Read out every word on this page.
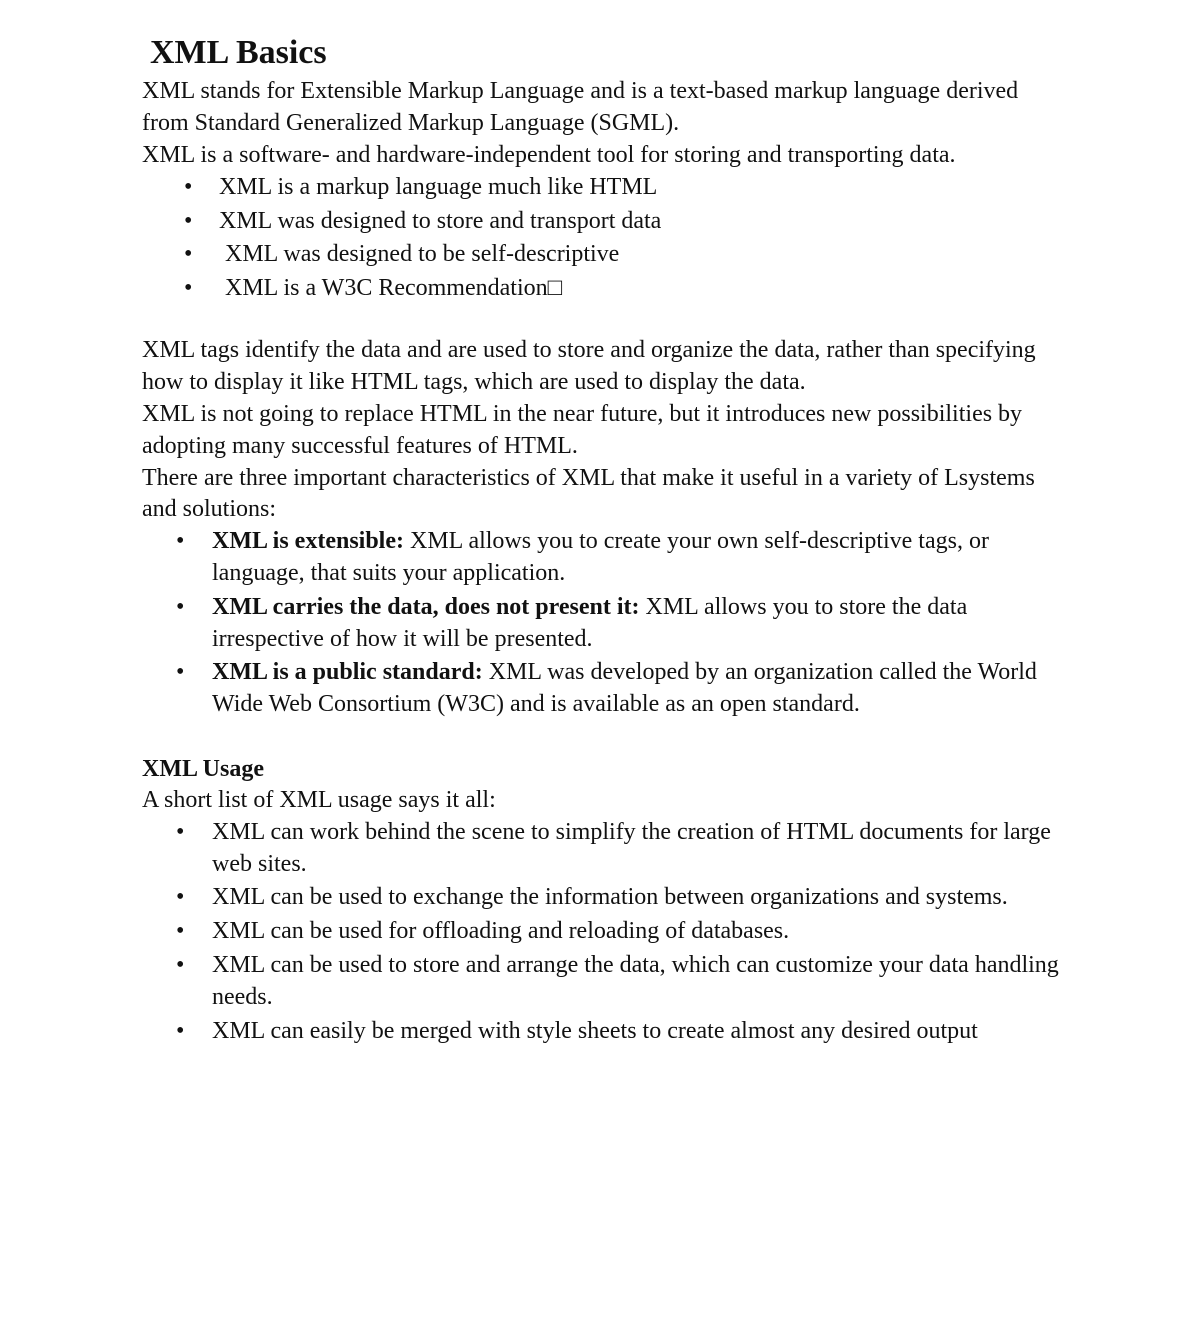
XML Basics

XML stands for Extensible Markup Language and is a text-based markup language derived from Standard Generalized Markup Language (SGML).

XML is a software- and hardware-independent tool for storing and transporting data.

• XML is a markup language much like HTML
• XML was designed to store and transport data
• XML was designed to be self-descriptive
• XML is a W3C Recommendation□

XML tags identify the data and are used to store and organize the data, rather than specifying how to display it like HTML tags, which are used to display the data.

XML is not going to replace HTML in the near future, but it introduces new possibilities by adopting many successful features of HTML.

There are three important characteristics of XML that make it useful in a variety of Lsystems and solutions:

• XML is extensible: XML allows you to create your own self-descriptive tags, or language, that suits your application.
• XML carries the data, does not present it: XML allows you to store the data irrespective of how it will be presented.
• XML is a public standard: XML was developed by an organization called the World Wide Web Consortium (W3C) and is available as an open standard.
XML Usage

A short list of XML usage says it all:

• XML can work behind the scene to simplify the creation of HTML documents for large web sites.
• XML can be used to exchange the information between organizations and systems.
• XML can be used for offloading and reloading of databases.
• XML can be used to store and arrange the data, which can customize your data handling needs.
• XML can easily be merged with style sheets to create almost any desired output
